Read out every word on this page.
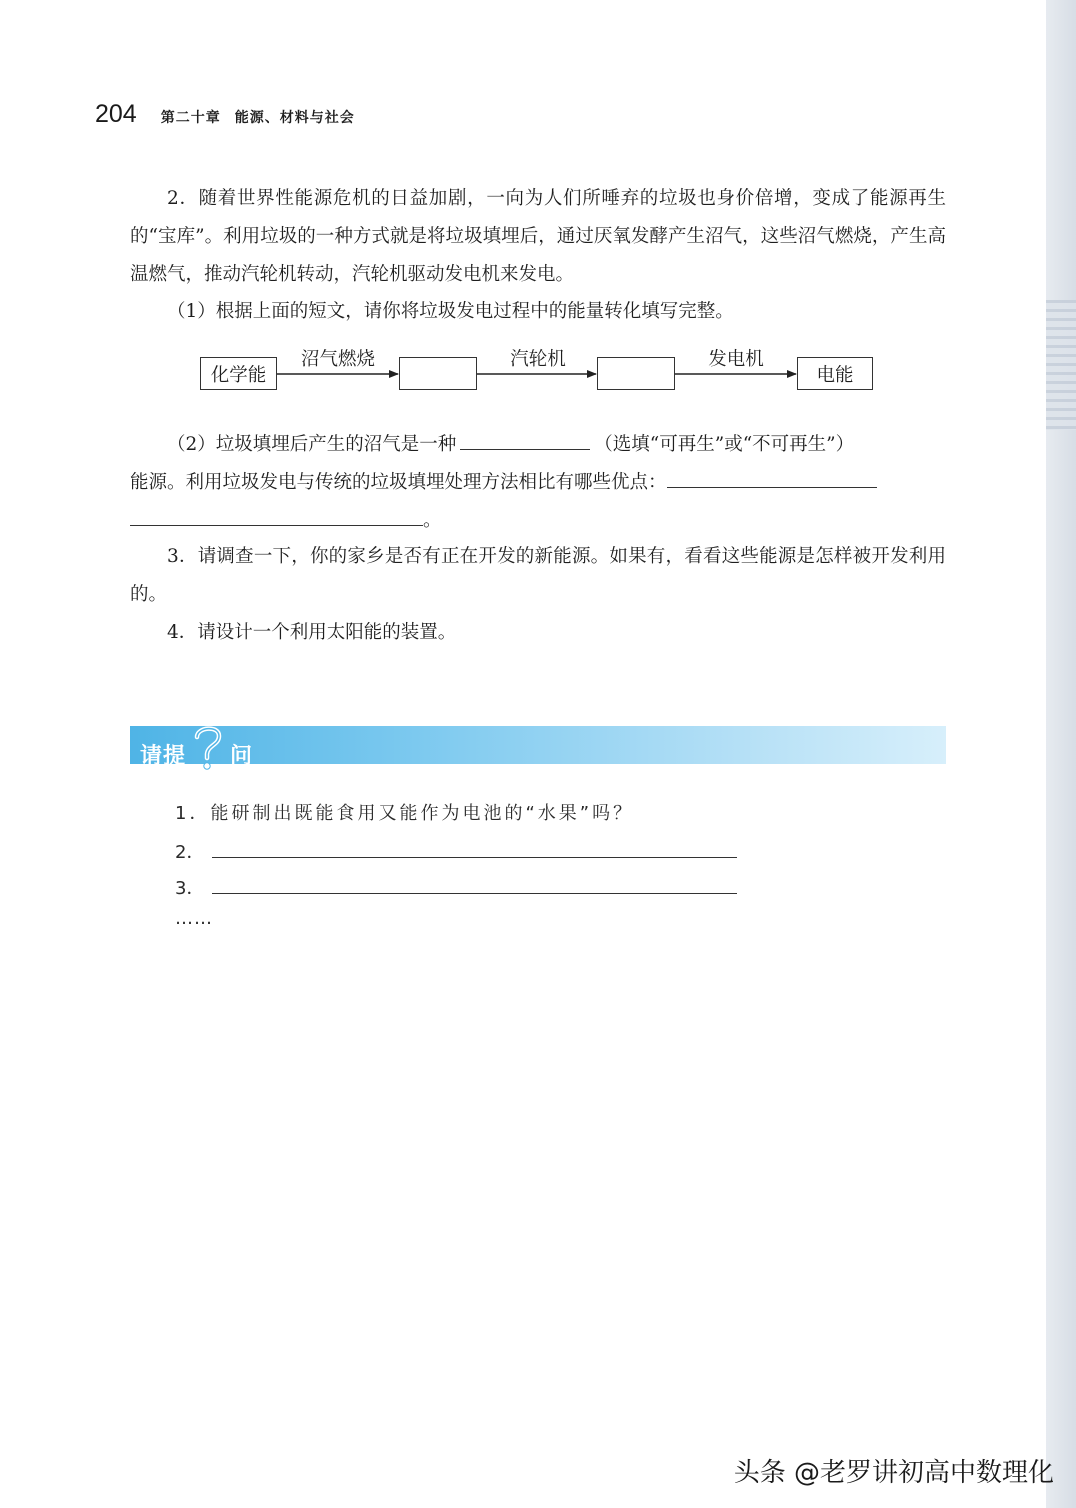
204 第二十章 能源、材料与社会
2．随着世界性能源危机的日益加剧，一向为人们所唾弃的垃圾也身价倍增，变成了能源再生的“宝库”。利用垃圾的一种方式就是将垃圾填埋后，通过厌氧发酵产生沼气，这些沼气燃烧，产生高温燃气，推动汽轮机转动，汽轮机驱动发电机来发电。
（1）根据上面的短文，请你将垃圾发电过程中的能量转化填写完整。
化学能	电能
沼气燃烧	汽轮机	发电机
（2）垃圾填埋后产生的沼气是一种	（选填“可再生”或“不可再生”）
能源。利用垃圾发电与传统的垃圾填埋处理方法相比有哪些优点：
。
3．请调查一下，你的家乡是否有正在开发的新能源。如果有，看看这些能源是怎样被开发利用的。
4．请设计一个利用太阳能的装置。
请提 问
1．能研制出既能食用又能作为电池的“水果”吗？
2．
3．
……
头条 @老罗讲初高中数理化
